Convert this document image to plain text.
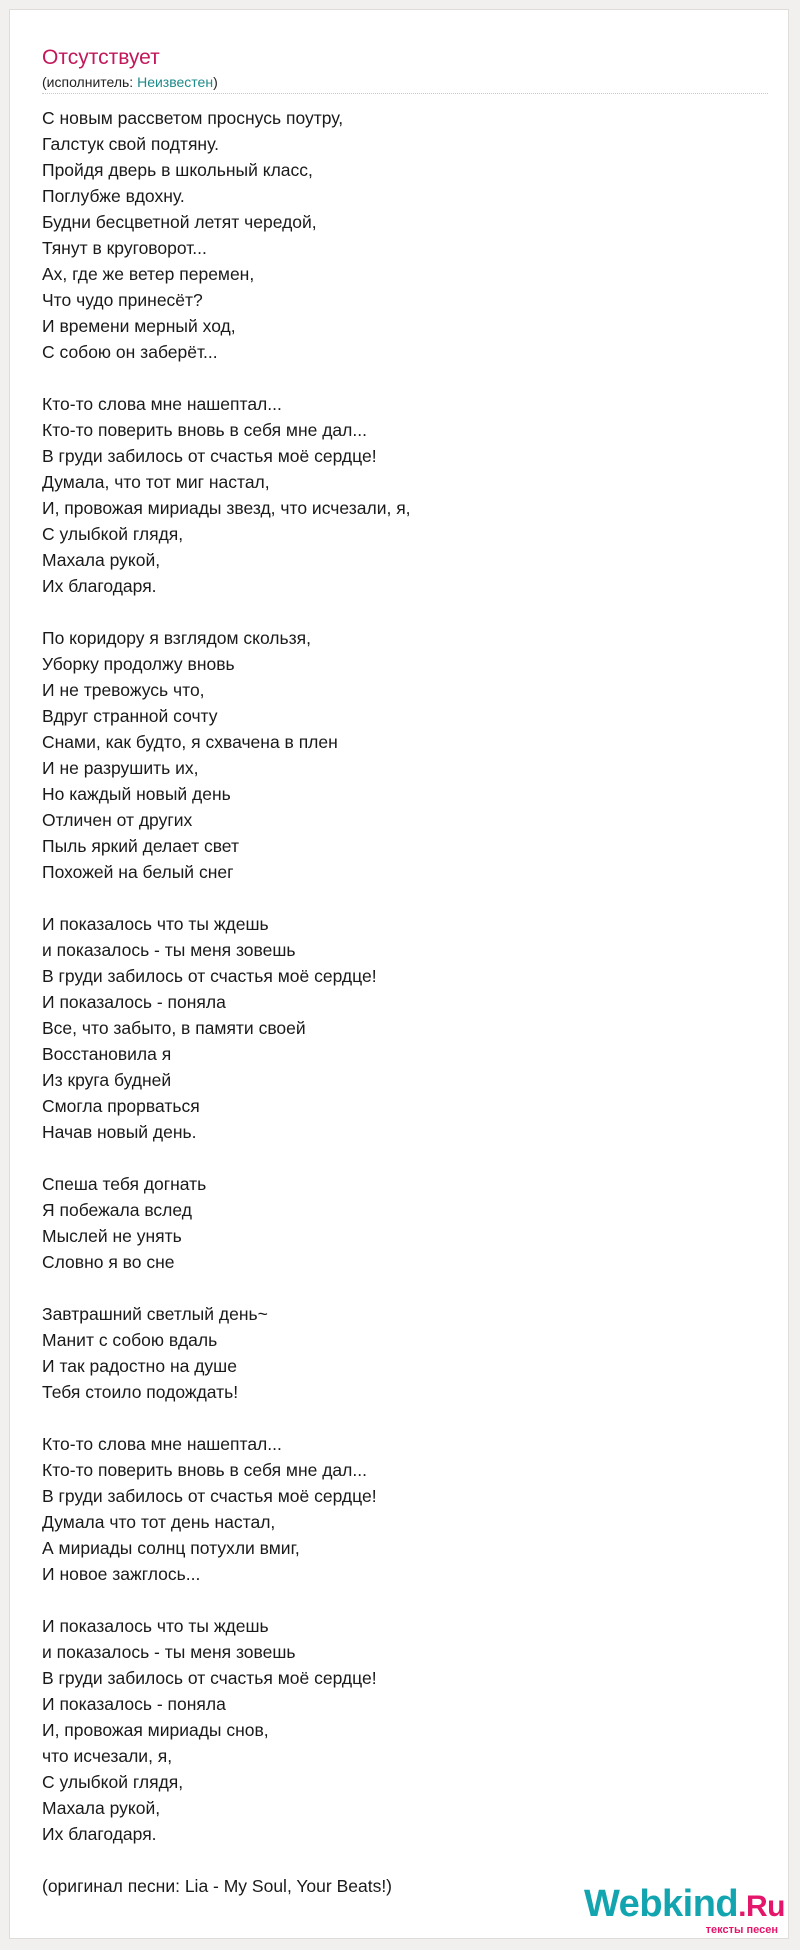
Отсутствует
(исполнитель: Неизвестен)
С новым рассветом проснусь поутру,
Галстук свой подтяну.
Пройдя дверь в школьный класс,
Поглубже вдохну.
Будни бесцветной летят чередой,
Тянут в круговорот...
Ах, где же ветер перемен,
Что чудо принесёт?
И времени мерный ход,
С собою он заберёт...
Кто-то слова мне нашептал...
Кто-то поверить вновь в себя мне дал...
В груди забилось от счастья моё сердце!
Думала, что тот миг настал,
И, провожая мириады звезд, что исчезали, я,
С улыбкой глядя,
Махала рукой,
Их благодаря.
По коридору я взглядом скользя,
Уборку продолжу вновь
И не тревожусь что,
Вдруг странной сочту
Снами, как будто, я схвачена в плен
И не разрушить их,
Но каждый новый день
Отличен от других
Пыль яркий делает свет
Похожей на белый снег
И показалось что ты ждешь
и показалось - ты меня зовешь
В груди забилось от счастья моё сердце!
И показалось - поняла
Все, что забыто, в памяти своей
Восстановила я
Из круга будней
Смогла прорваться
Начав новый день.
Спеша тебя догнать
Я побежала вслед
Мыслей не унять
Словно я во сне
Завтрашний светлый день~
Манит с собою вдаль
И так радостно на душе
Тебя стоило подождать!
Кто-то слова мне нашептал...
Кто-то поверить вновь в себя мне дал...
В груди забилось от счастья моё сердце!
Думала что тот день настал,
А мириады солнц потухли вмиг,
И новое зажглось...
И показалось что ты ждешь
и показалось - ты меня зовешь
В груди забилось от счастья моё сердце!
И показалось - поняла
И, провожая мириады снов,
что исчезали, я,
С улыбкой глядя,
Махала рукой,
Их благодаря.
(оригинал песни: Lia - My Soul, Your Beats!)	Webkind.Ru
тексты песен
